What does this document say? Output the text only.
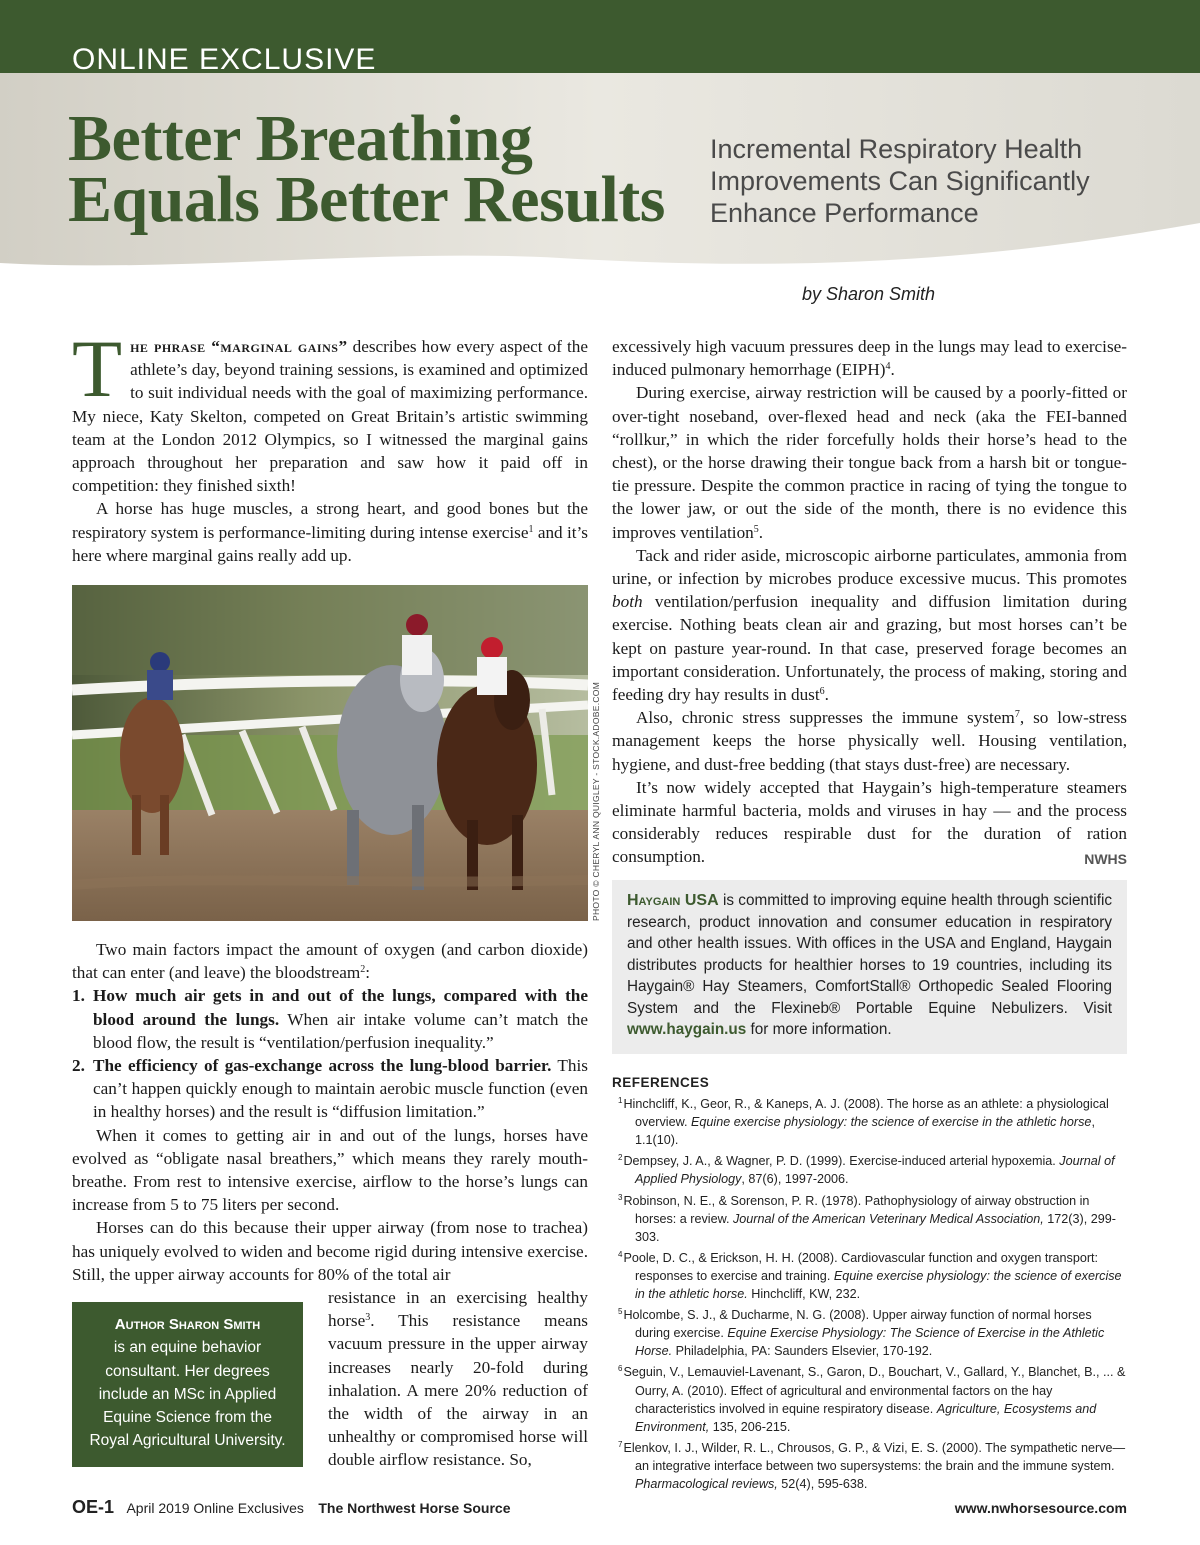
ONLINE EXCLUSIVE
Better Breathing
Equals Better Results
Incremental Respiratory Health
Improvements Can Significantly
Enhance Performance
by Sharon Smith

The phrase “marginal gains” describes how every aspect of the athlete’s day, beyond training sessions, is examined and optimized to suit individual needs with the goal of maximizing performance. My niece, Katy Skelton, competed on Great Britain’s artistic swimming team at the London 2012 Olympics, so I witnessed the marginal gains approach throughout her preparation and saw how it paid off in competition: they finished sixth!

A horse has huge muscles, a strong heart, and good bones but the respiratory system is performance-limiting during intense exercise$^1$ and it’s here where marginal gains really add up.

PHOTO © CHERYL ANN QUIGLEY - STOCK.ADOBE.COM

Two main factors impact the amount of oxygen (and carbon dioxide) that can enter (and leave) the bloodstream$^2$:

1. How much air gets in and out of the lungs, compared with the blood around the lungs. When air intake volume can’t match the blood flow, the result is “ventilation/perfusion inequality.”
2. The efficiency of gas-exchange across the lung-blood barrier. This can’t happen quickly enough to maintain aerobic muscle function (even in healthy horses) and the result is “diffusion limitation.”

When it comes to getting air in and out of the lungs, horses have evolved as “obligate nasal breathers,” which means they rarely mouth-breathe. From rest to intensive exercise, airflow to the horse’s lungs can increase from 5 to 75 liters per second.

Horses can do this because their upper airway (from nose to trachea) has uniquely evolved to widen and become rigid during intensive exercise. Still, the upper airway accounts for 80% of the total air

Author Sharon Smith
is an equine behavior
consultant. Her degrees
include an MSc in Applied
Equine Science from the
Royal Agricultural University.

resistance in an exercising healthy horse$^3$. This resistance means vacuum pressure in the upper airway increases nearly 20-fold during inhalation. A mere 20% reduction of the width of the airway in an unhealthy or compromised horse will double airflow resistance. So,

excessively high vacuum pressures deep in the lungs may lead to exercise-induced pulmonary hemorrhage (EIPH)$^4$.

During exercise, airway restriction will be caused by a poorly-fitted or over-tight noseband, over-flexed head and neck (aka the FEI-banned “rollkur,” in which the rider forcefully holds their horse’s head to the chest), or the horse drawing their tongue back from a harsh bit or tongue-tie pressure. Despite the common practice in racing of tying the tongue to the lower jaw, or out the side of the month, there is no evidence this improves ventilation$^5$.

Tack and rider aside, microscopic airborne particulates, ammonia from urine, or infection by microbes produce excessive mucus. This promotes both ventilation/perfusion inequality and diffusion limitation during exercise. Nothing beats clean air and grazing, but most horses can’t be kept on pasture year-round. In that case, preserved forage becomes an important consideration. Unfortunately, the process of making, storing and feeding dry hay results in dust$^6$.

Also, chronic stress suppresses the immune system$^7$, so low-stress management keeps the horse physically well. Housing ventilation, hygiene, and dust-free bedding (that stays dust-free) are necessary.

It’s now widely accepted that Haygain’s high-temperature steamers eliminate harmful bacteria, molds and viruses in hay — and the process considerably reduces respirable dust for the duration of ration consumption.	NWHS

Haygain USA is committed to improving equine health through scientific research, product innovation and consumer education in respiratory and other health issues. With offices in the USA and England, Haygain distributes products for healthier horses to 19 countries, including its Haygain® Hay Steamers, ComfortStall® Orthopedic Sealed Flooring System and the Flexineb® Portable Equine Nebulizers. Visit www.haygain.us for more information.
REFERENCES
$^1$Hinchcliff, K., Geor, R., & Kaneps, A. J. (2008). The horse as an athlete: a physiological overview. Equine exercise physiology: the science of exercise in the athletic horse, 1.1(10).
$^2$Dempsey, J. A., & Wagner, P. D. (1999). Exercise-induced arterial hypoxemia. Journal of Applied Physiology, 87(6), 1997-2006.
$^3$Robinson, N. E., & Sorenson, P. R. (1978). Pathophysiology of airway obstruction in horses: a review. Journal of the American Veterinary Medical Association, 172(3), 299-303.
$^4$Poole, D. C., & Erickson, H. H. (2008). Cardiovascular function and oxygen transport: responses to exercise and training. Equine exercise physiology: the science of exercise in the athletic horse. Hinchcliff, KW, 232.
$^5$Holcombe, S. J., & Ducharme, N. G. (2008). Upper airway function of normal horses during exercise. Equine Exercise Physiology: The Science of Exercise in the Athletic Horse. Philadelphia, PA: Saunders Elsevier, 170-192.
$^6$Seguin, V., Lemauviel-Lavenant, S., Garon, D., Bouchart, V., Gallard, Y., Blanchet, B., ... & Ourry, A. (2010). Effect of agricultural and environmental factors on the hay characteristics involved in equine respiratory disease. Agriculture, Ecosystems and Environment, 135, 206-215.
$^7$Elenkov, I. J., Wilder, R. L., Chrousos, G. P., & Vizi, E. S. (2000). The sympathetic nerve—an integrative interface between two supersystems: the brain and the immune system. Pharmacological reviews, 52(4), 595-638.
OE-1 April 2019 Online Exclusives The Northwest Horse Source	www.nwhorsesource.com
